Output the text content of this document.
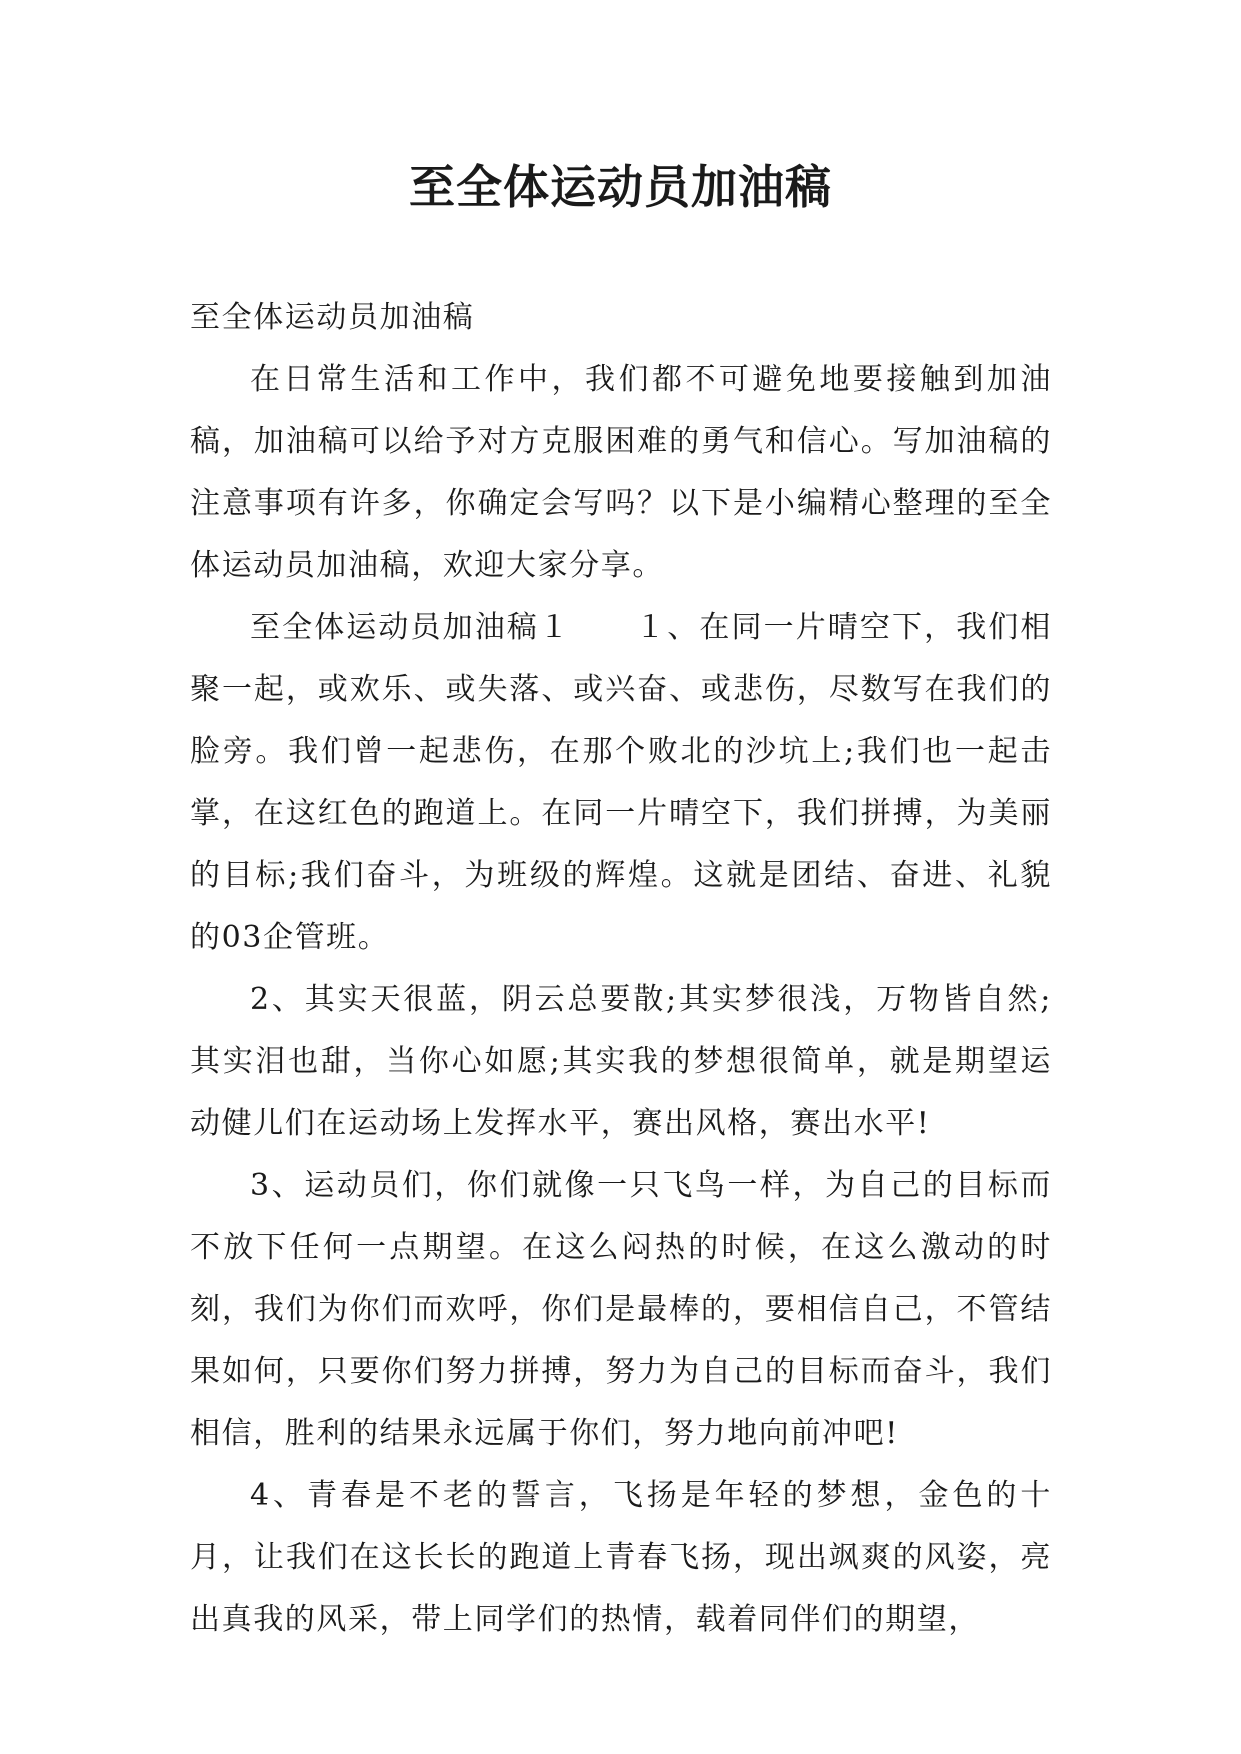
至全体运动员加油稿

至全体运动员加油稿

在日常生活和工作中，我们都不可避免地要接触到加油稿，加油稿可以给予对方克服困难的勇气和信心。写加油稿的注意事项有许多，你确定会写吗？以下是小编精心整理的至全体运动员加油稿，欢迎大家分享。

至全体运动员加油稿１　　１、在同一片晴空下，我们相聚一起，或欢乐、或失落、或兴奋、或悲伤，尽数写在我们的脸旁。我们曾一起悲伤，在那个败北的沙坑上;我们也一起击掌，在这红色的跑道上。在同一片晴空下，我们拼搏，为美丽的目标;我们奋斗，为班级的辉煌。这就是团结、奋进、礼貌的03企管班。

2、其实天很蓝，阴云总要散;其实梦很浅，万物皆自然;其实泪也甜，当你心如愿;其实我的梦想很简单，就是期望运动健儿们在运动场上发挥水平，赛出风格，赛出水平!

3、运动员们，你们就像一只飞鸟一样，为自己的目标而不放下任何一点期望。在这么闷热的时候，在这么激动的时刻，我们为你们而欢呼，你们是最棒的，要相信自己，不管结果如何，只要你们努力拼搏，努力为自己的目标而奋斗，我们相信，胜利的结果永远属于你们，努力地向前冲吧!

4、青春是不老的誓言，飞扬是年轻的梦想，金色的十月，让我们在这长长的跑道上青春飞扬，现出飒爽的风姿，亮出真我的风采，带上同学们的热情，载着同伴们的期望，
